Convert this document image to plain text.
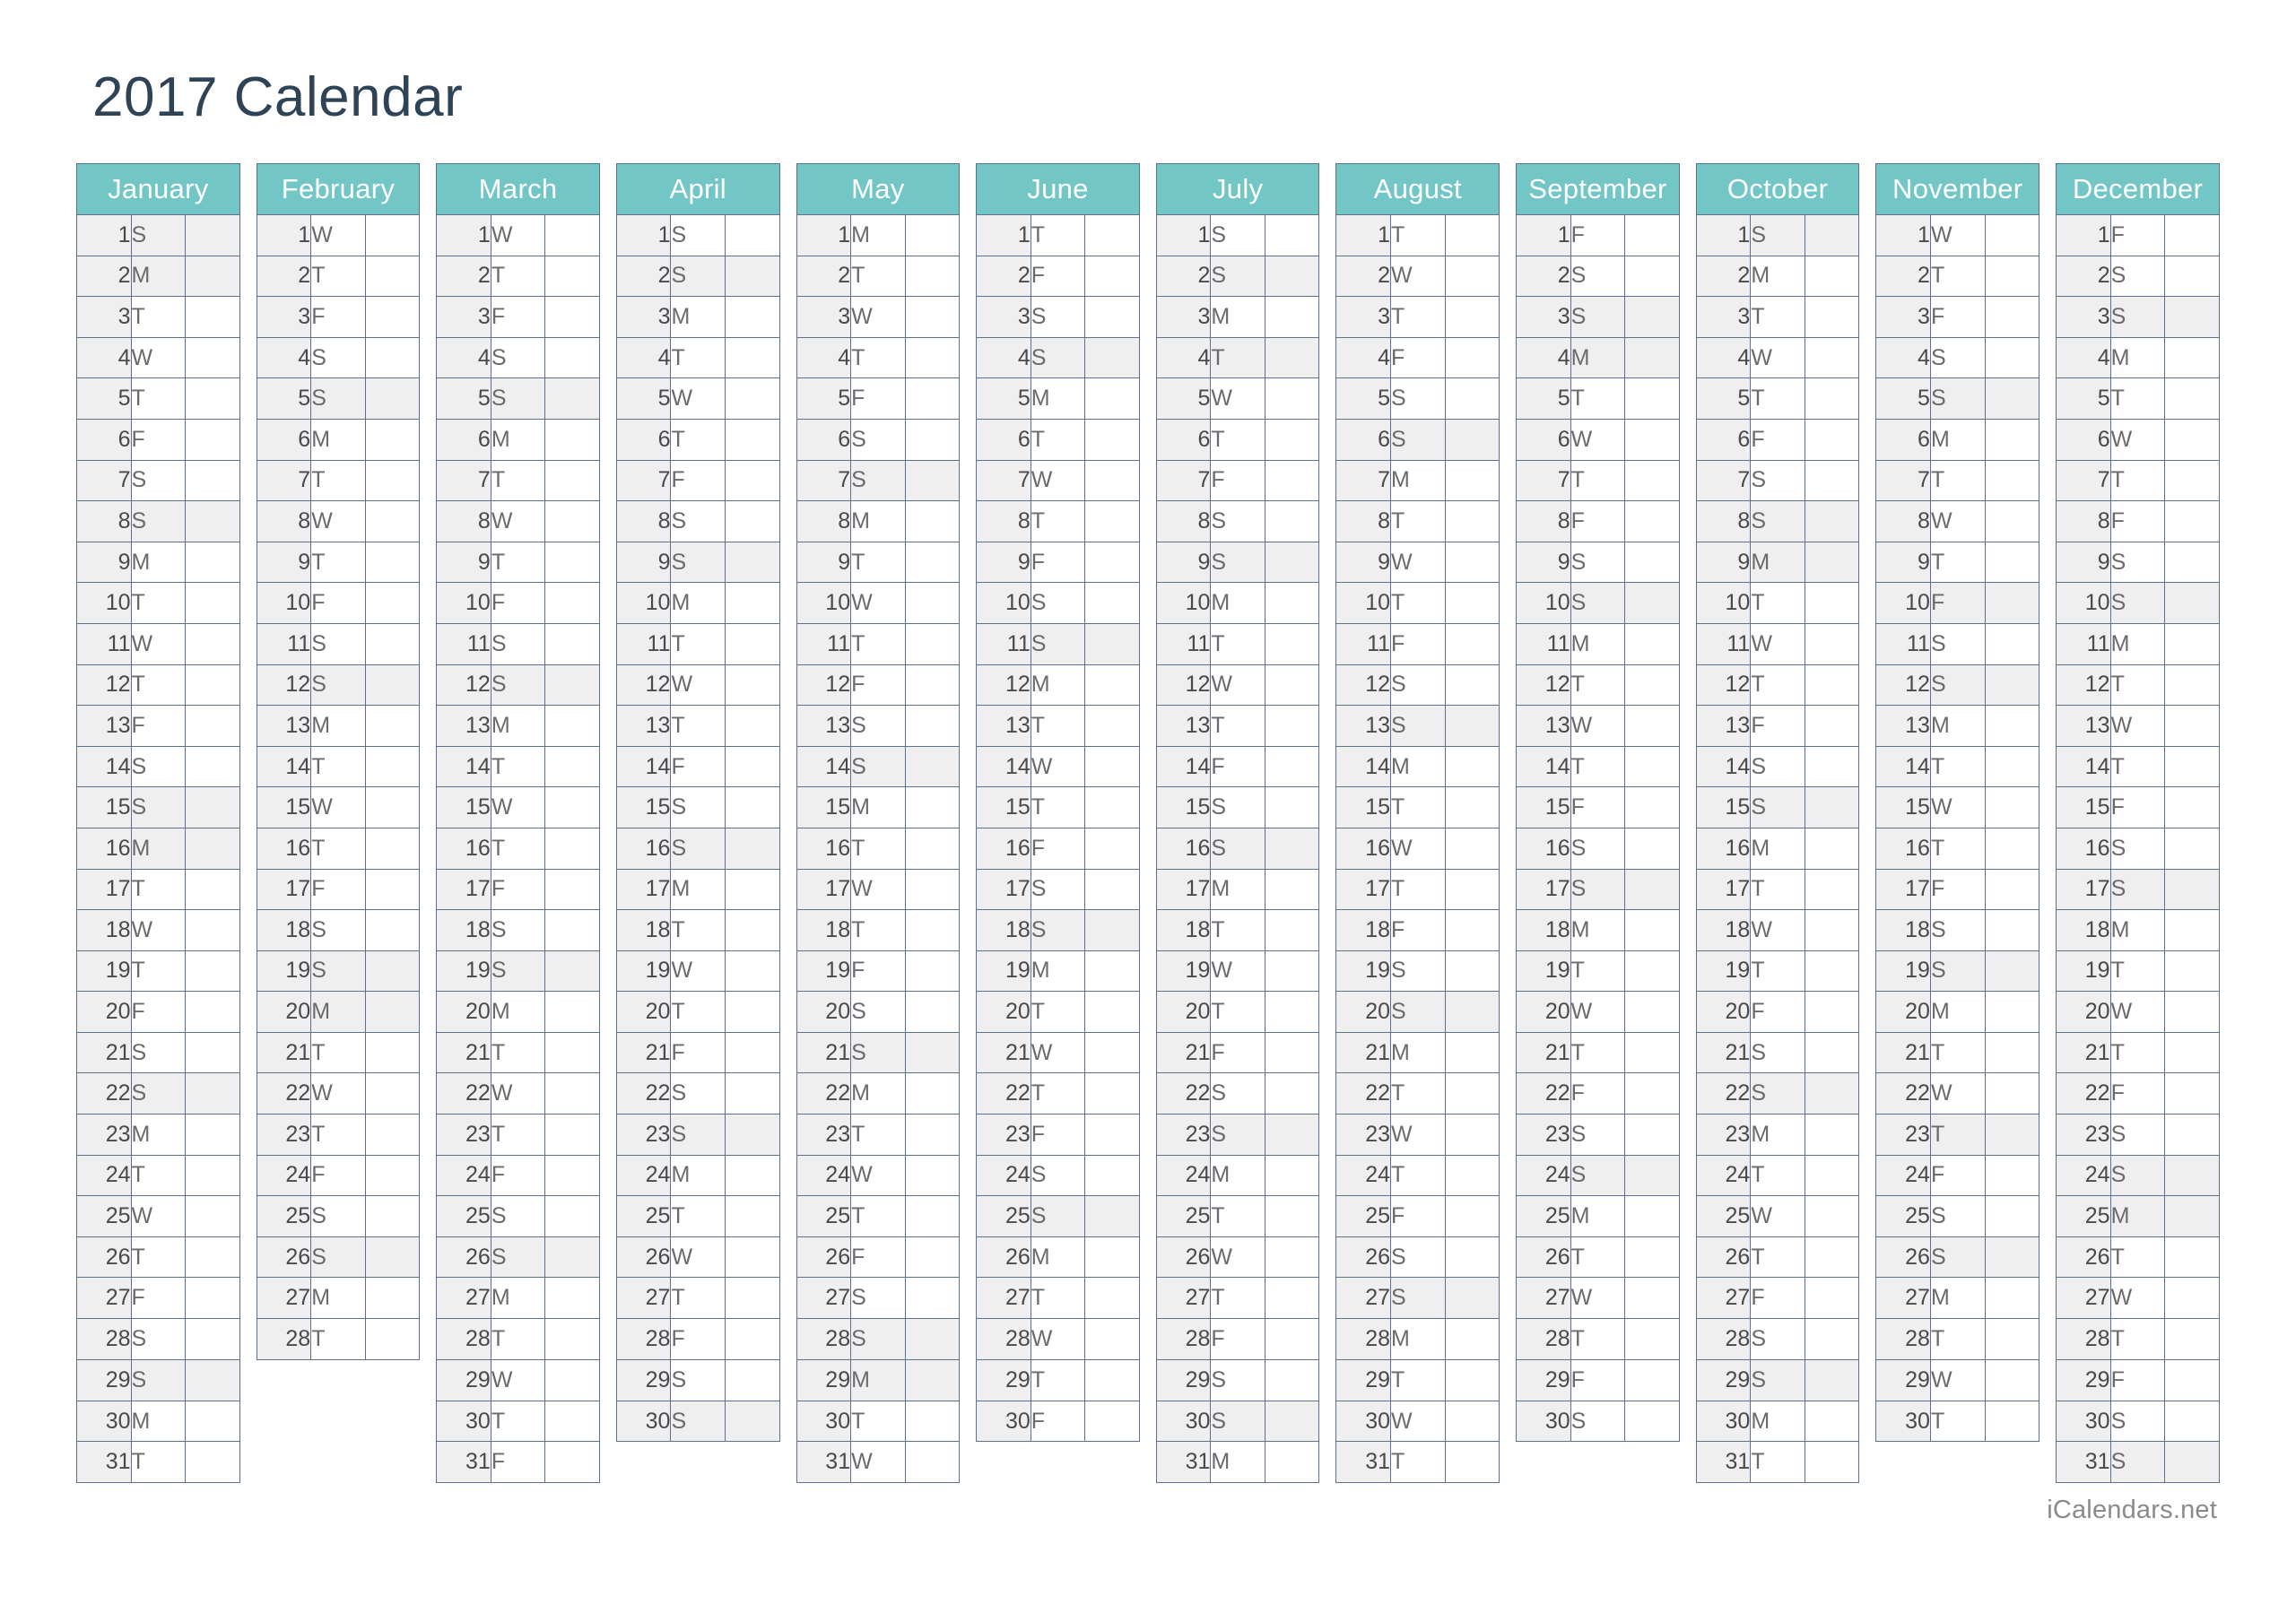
2017 Calendar
January				February				March				April				May				June				July				August				September				October				November				December		
1	S			1	W			1	W			1	S			1	M			1	T			1	S			1	T			1	F			1	S			1	W			1	F	
2	M			2	T			2	T			2	S			2	T			2	F			2	S			2	W			2	S			2	M			2	T			2	S	
3	T			3	F			3	F			3	M			3	W			3	S			3	M			3	T			3	S			3	T			3	F			3	S	
4	W			4	S			4	S			4	T			4	T			4	S			4	T			4	F			4	M			4	W			4	S			4	M	
5	T			5	S			5	S			5	W			5	F			5	M			5	W			5	S			5	T			5	T			5	S			5	T	
6	F			6	M			6	M			6	T			6	S			6	T			6	T			6	S			6	W			6	F			6	M			6	W	
7	S			7	T			7	T			7	F			7	S			7	W			7	F			7	M			7	T			7	S			7	T			7	T	
8	S			8	W			8	W			8	S			8	M			8	T			8	S			8	T			8	F			8	S			8	W			8	F	
9	M			9	T			9	T			9	S			9	T			9	F			9	S			9	W			9	S			9	M			9	T			9	S	
10	T			10	F			10	F			10	M			10	W			10	S			10	M			10	T			10	S			10	T			10	F			10	S	
11	W			11	S			11	S			11	T			11	T			11	S			11	T			11	F			11	M			11	W			11	S			11	M	
12	T			12	S			12	S			12	W			12	F			12	M			12	W			12	S			12	T			12	T			12	S			12	T	
13	F			13	M			13	M			13	T			13	S			13	T			13	T			13	S			13	W			13	F			13	M			13	W	
14	S			14	T			14	T			14	F			14	S			14	W			14	F			14	M			14	T			14	S			14	T			14	T	
15	S			15	W			15	W			15	S			15	M			15	T			15	S			15	T			15	F			15	S			15	W			15	F	
16	M			16	T			16	T			16	S			16	T			16	F			16	S			16	W			16	S			16	M			16	T			16	S	
17	T			17	F			17	F			17	M			17	W			17	S			17	M			17	T			17	S			17	T			17	F			17	S	
18	W			18	S			18	S			18	T			18	T			18	S			18	T			18	F			18	M			18	W			18	S			18	M	
19	T			19	S			19	S			19	W			19	F			19	M			19	W			19	S			19	T			19	T			19	S			19	T	
20	F			20	M			20	M			20	T			20	S			20	T			20	T			20	S			20	W			20	F			20	M			20	W	
21	S			21	T			21	T			21	F			21	S			21	W			21	F			21	M			21	T			21	S			21	T			21	T	
22	S			22	W			22	W			22	S			22	M			22	T			22	S			22	T			22	F			22	S			22	W			22	F	
23	M			23	T			23	T			23	S			23	T			23	F			23	S			23	W			23	S			23	M			23	T			23	S	
24	T			24	F			24	F			24	M			24	W			24	S			24	M			24	T			24	S			24	T			24	F			24	S	
25	W			25	S			25	S			25	T			25	T			25	S			25	T			25	F			25	M			25	W			25	S			25	M	
26	T			26	S			26	S			26	W			26	F			26	M			26	W			26	S			26	T			26	T			26	S			26	T	
27	F			27	M			27	M			27	T			27	S			27	T			27	T			27	S			27	W			27	F			27	M			27	W	
28	S			28	T			28	T			28	F			28	S			28	W			28	F			28	M			28	T			28	S			28	T			28	T	
29	S							29	W			29	S			29	M			29	T			29	S			29	T			29	F			29	S			29	W			29	F	
30	M							30	T			30	S			30	T			30	F			30	S			30	W			30	S			30	M			30	T			30	S	
31	T							31	F							31	W							31	M			31	T							31	T							31	S	
iCalendars.net
